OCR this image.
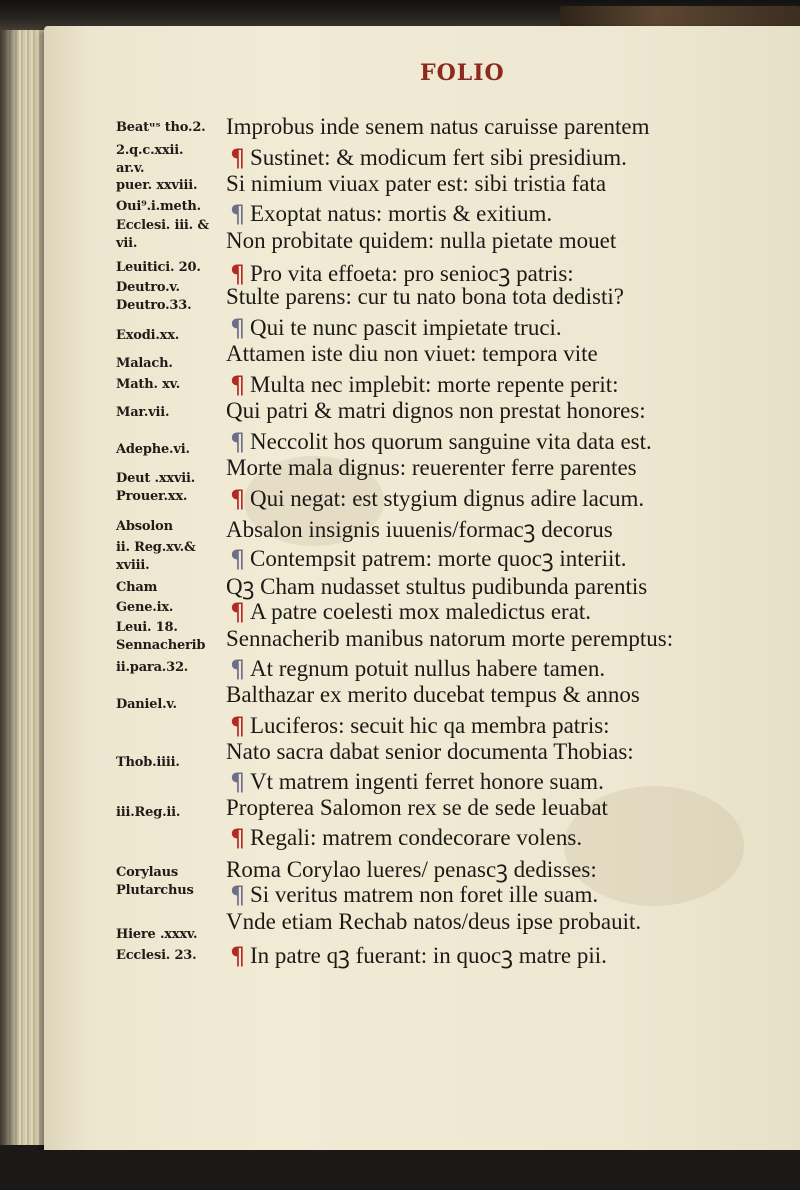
FOLIO
Beatᵘˢ tho.2.
2.q.c.xxii.
ar.v.
puer. xxviii.
Oui⁹.i.meth.
Ecclesi. iii. &
vii.
Leuitici. 20.
Deutro.v.
Deutro.33.
Exodi.xx.
Malach.
Math. xv.
Mar.vii.
Adephe.vi.
Deut .xxvii.
Prouer.xx.
Absolon
ii. Reg.xv.&
xviii.
Cham
Gene.ix.
Leui. 18.
Sennacherib
ii.para.32.
Daniel.v.
Thob.iiii.
iii.Reg.ii.
Corylaus
Plutarchus
Hiere .xxxv.
Ecclesi. 23.
Improbus inde senem natus caruisse parentem
¶ Sustinet: & modicum fert sibi presidium.
Si nimium viuax pater est: sibi tristia fata
¶ Exoptat natus: mortis & exitium.
Non probitate quidem: nulla pietate mouet
¶ Pro vita effoeta: pro seniocꝫ patris:
Stulte parens: cur tu nato bona tota dedisti?
¶ Qui te nunc pascit impietate truci.
Attamen iste diu non viuet: tempora vite
¶ Multa nec implebit: morte repente perit:
Qui patri & matri dignos non prestat honores:
¶ Neccolit hos quorum sanguine vita data est.
Morte mala dignus: reuerenter ferre parentes
¶ Qui negat: est stygium dignus adire lacum.
Absalon insignis iuuenis/formacꝫ decorus
¶ Contempsit patrem: morte quocꝫ interiit.
Qꝫ Cham nudasset stultus pudibunda parentis
¶ A patre coelesti mox maledictus erat.
Sennacherib manibus natorum morte peremptus:
¶ At regnum potuit nullus habere tamen.
Balthazar ex merito ducebat tempus & annos
¶ Luciferos: secuit hic qa membra patris:
Nato sacra dabat senior documenta Thobias:
¶ Vt matrem ingenti ferret honore suam.
Propterea Salomon rex se de sede leuabat
¶ Regali: matrem condecorare volens.
Roma Corylao lueres/ penascꝫ dedisses:
¶ Si veritus matrem non foret ille suam.
Vnde etiam Rechab natos/deus ipse probauit.
¶ In patre qꝫ fuerant: in quocꝫ matre pii.
